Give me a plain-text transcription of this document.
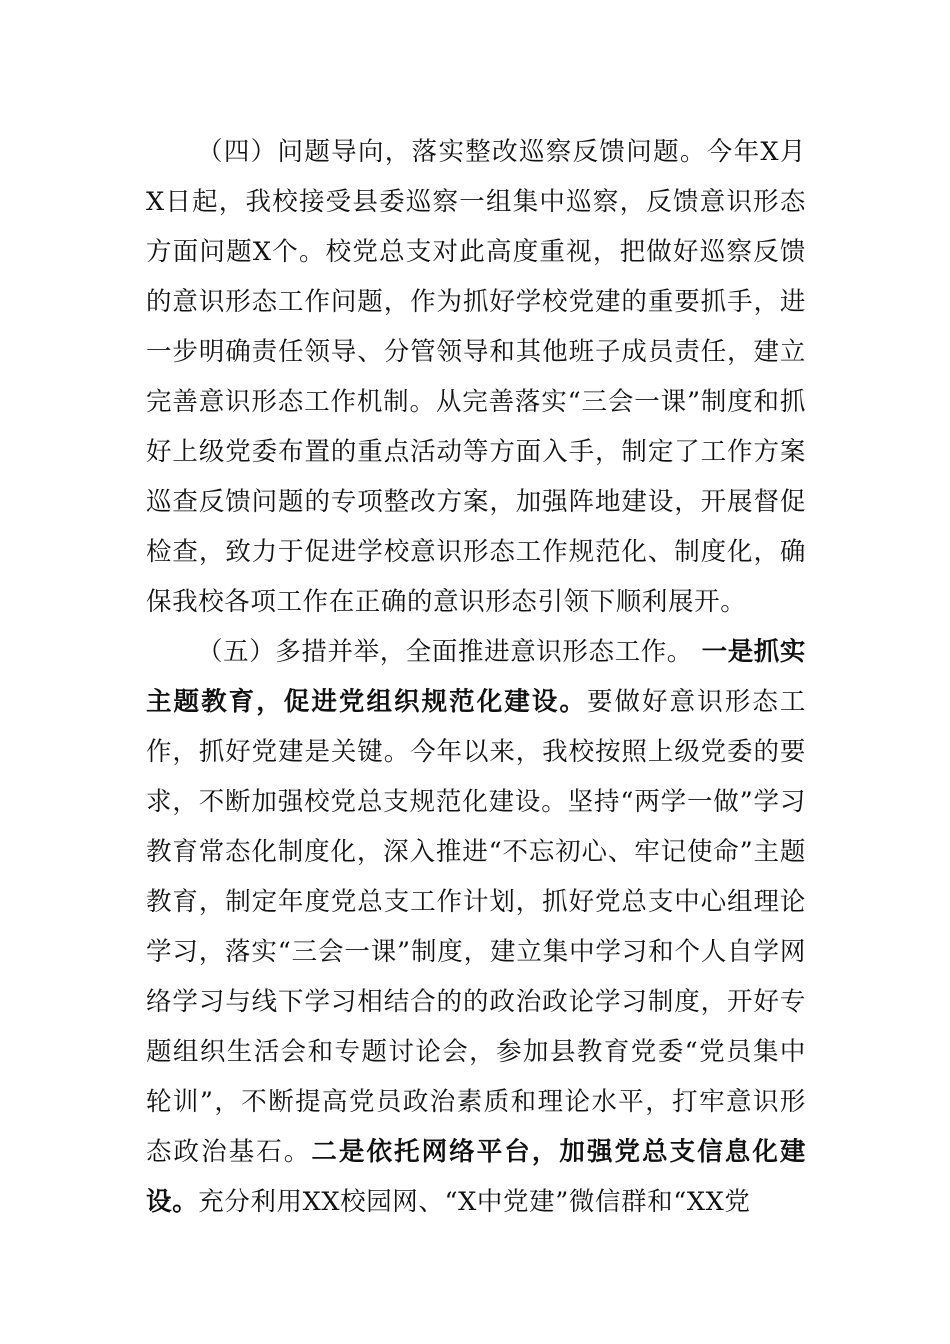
（四）问题导向，落实整改巡察反馈问题。今年X月X日起，我校接受县委巡察一组集中巡察，反馈意识形态方面问题X个。校党总支对此高度重视，把做好巡察反馈的意识形态工作问题，作为抓好学校党建的重要抓手，进一步明确责任领导、分管领导和其他班子成员责任，建立完善意识形态工作机制。从完善落实“三会一课”制度和抓好上级党委布置的重点活动等方面入手，制定了工作方案巡查反馈问题的专项整改方案，加强阵地建设，开展督促检查，致力于促进学校意识形态工作规范化、制度化，确保我校各项工作在正确的意识形态引领下顺利展开。

（五）多措并举，全面推进意识形态工作。 一是抓实主题教育，促进党组织规范化建设。要做好意识形态工作，抓好党建是关键。今年以来，我校按照上级党委的要求，不断加强校党总支规范化建设。坚持“两学一做”学习教育常态化制度化，深入推进“不忘初心、牢记使命”主题教育，制定年度党总支工作计划，抓好党总支中心组理论学习，落实“三会一课”制度，建立集中学习和个人自学网络学习与线下学习相结合的的政治政论学习制度，开好专题组织生活会和专题讨论会，参加县教育党委“党员集中轮训”，不断提高党员政治素质和理论水平，打牢意识形态政治基石。二是依托网络平台，加强党总支信息化建设。充分利用XX校园网、“X中党建”微信群和“XX党
